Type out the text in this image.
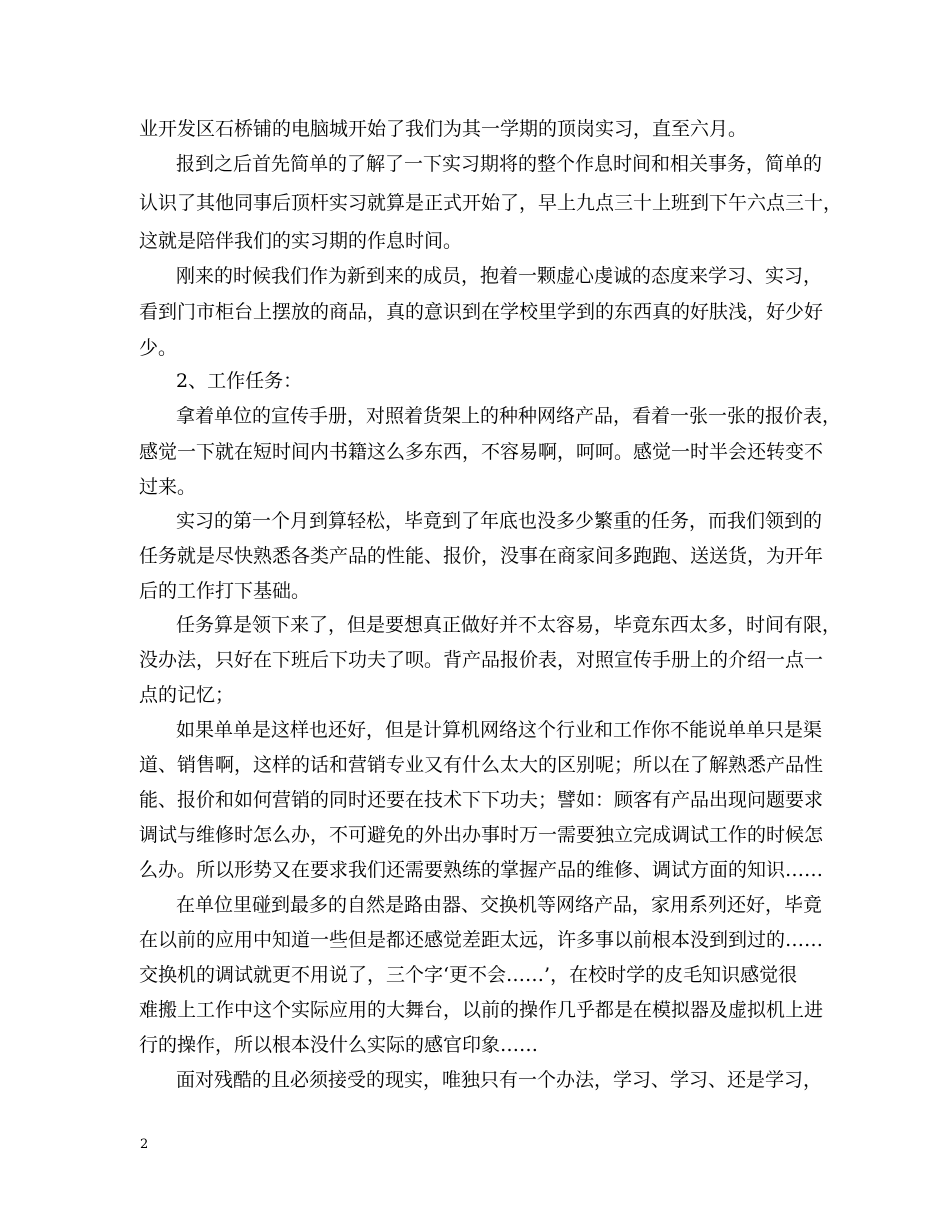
业开发区石桥铺的电脑城开始了我们为其一学期的顶岗实习，直至六月。
报到之后首先简单的了解了一下实习期将的整个作息时间和相关事务，简单的
认识了其他同事后顶杆实习就算是正式开始了，早上九点三十上班到下午六点三十，
这就是陪伴我们的实习期的作息时间。
刚来的时候我们作为新到来的成员，抱着一颗虚心虔诚的态度来学习、实习，
看到门市柜台上摆放的商品，真的意识到在学校里学到的东西真的好肤浅，好少好
少。
2、工作任务：
拿着单位的宣传手册，对照着货架上的种种网络产品，看着一张一张的报价表，
感觉一下就在短时间内书籍这么多东西，不容易啊，呵呵。感觉一时半会还转变不
过来。
实习的第一个月到算轻松，毕竟到了年底也没多少繁重的任务，而我们领到的
任务就是尽快熟悉各类产品的性能、报价，没事在商家间多跑跑、送送货，为开年
后的工作打下基础。
任务算是领下来了，但是要想真正做好并不太容易，毕竟东西太多，时间有限，
没办法，只好在下班后下功夫了呗。背产品报价表，对照宣传手册上的介绍一点一
点的记忆；
如果单单是这样也还好，但是计算机网络这个行业和工作你不能说单单只是渠
道、销售啊，这样的话和营销专业又有什么太大的区别呢；所以在了解熟悉产品性
能、报价和如何营销的同时还要在技术下下功夫；譬如：顾客有产品出现问题要求
调试与维修时怎么办，不可避免的外出办事时万一需要独立完成调试工作的时候怎
么办。所以形势又在要求我们还需要熟练的掌握产品的维修、调试方面的知识……
在单位里碰到最多的自然是路由器、交换机等网络产品，家用系列还好，毕竟
在以前的应用中知道一些但是都还感觉差距太远，许多事以前根本没到到过的……
交换机的调试就更不用说了，三个字‘更不会……’，在校时学的皮毛知识感觉很
难搬上工作中这个实际应用的大舞台，以前的操作几乎都是在模拟器及虚拟机上进
行的操作，所以根本没什么实际的感官印象……
面对残酷的且必须接受的现实，唯独只有一个办法，学习、学习、还是学习，
2
